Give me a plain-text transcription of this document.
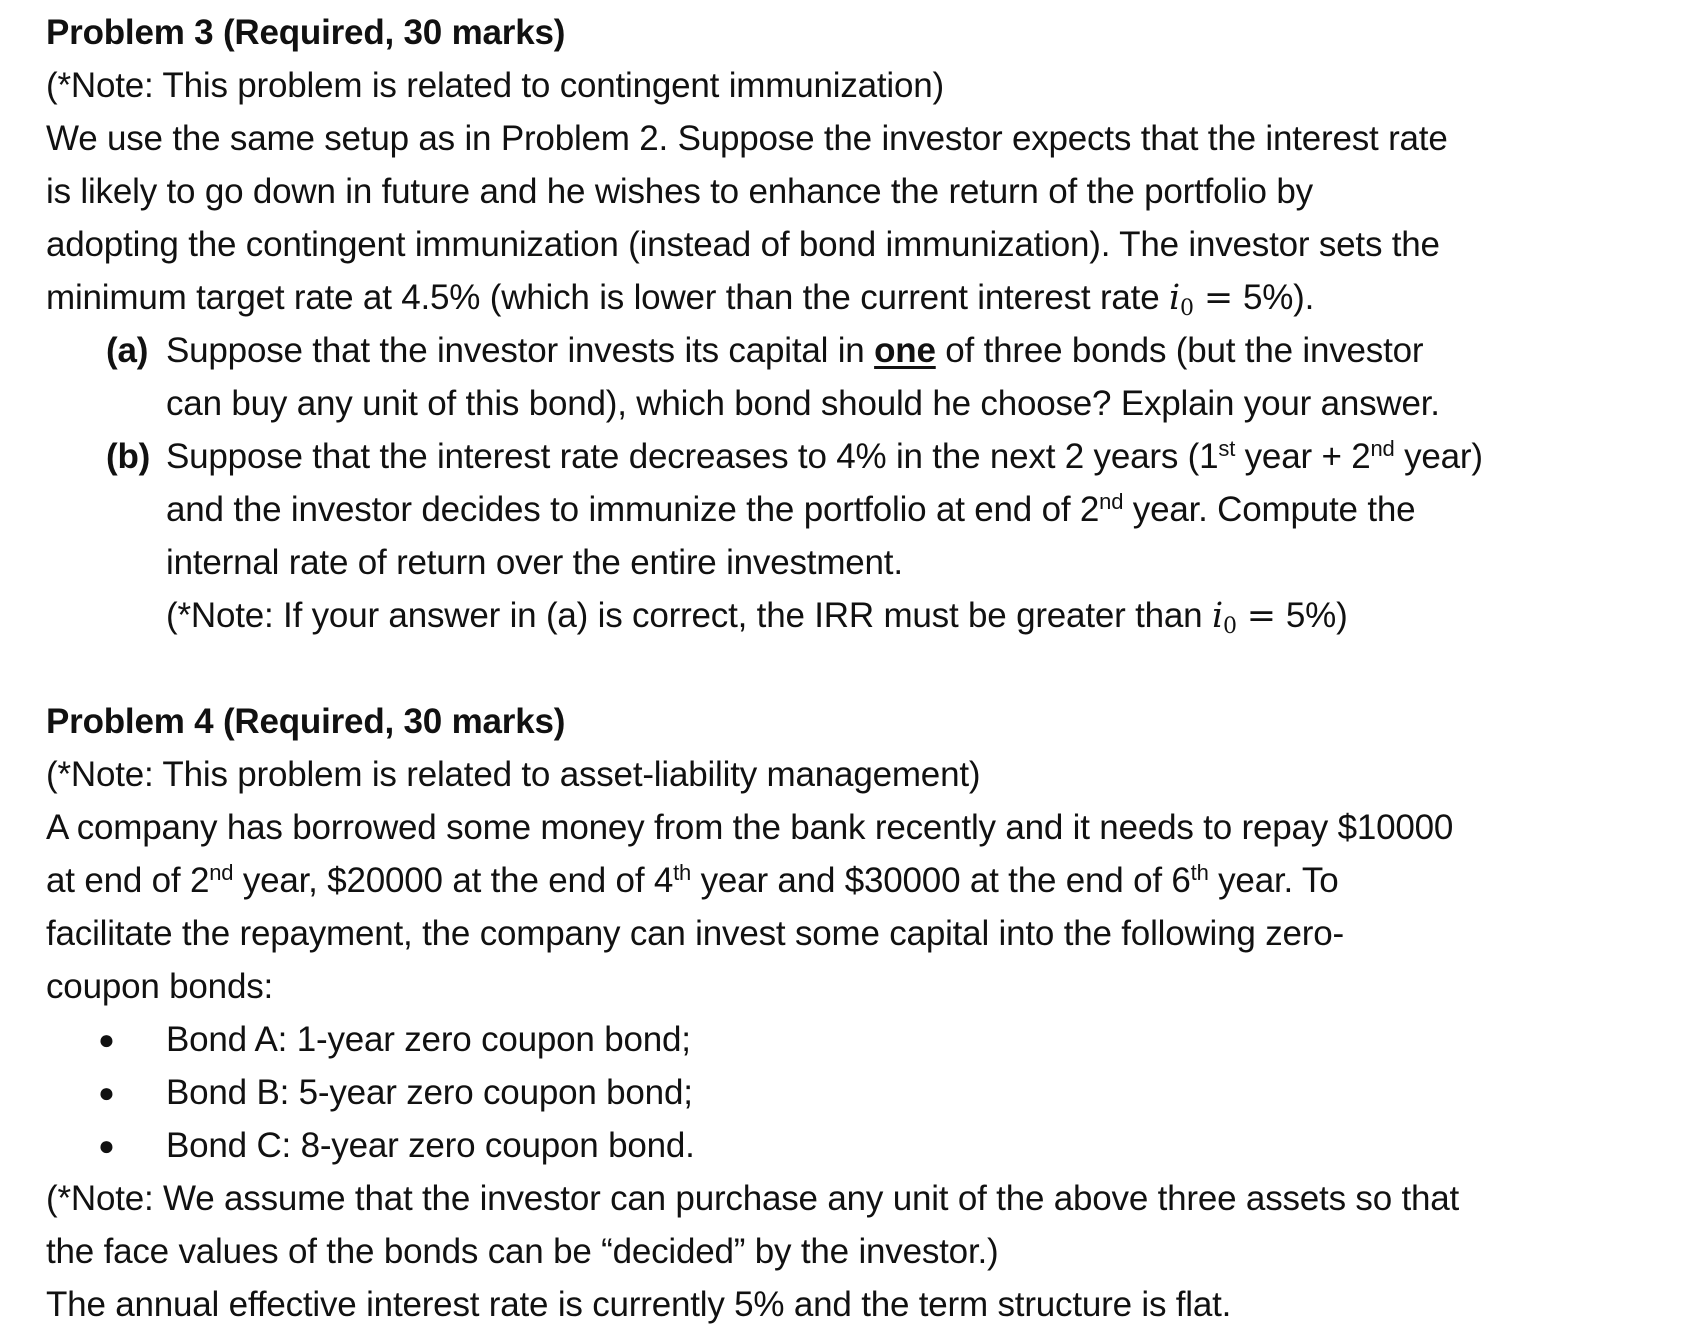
Problem 3 (Required, 30 marks)
(*Note: This problem is related to contingent immunization)
We use the same setup as in Problem 2. Suppose the investor expects that the interest rate
is likely to go down in future and he wishes to enhance the return of the portfolio by
adopting the contingent immunization (instead of bond immunization). The investor sets the
minimum target rate at 4.5% (which is lower than the current interest rate $i_0 = 5\%$).
(a) Suppose that the investor invests its capital in one of three bonds (but the investor
can buy any unit of this bond), which bond should he choose? Explain your answer.
(b) Suppose that the interest rate decreases to 4% in the next 2 years (1st year + 2nd year)
and the investor decides to immunize the portfolio at end of 2nd year. Compute the
internal rate of return over the entire investment.
(*Note: If your answer in (a) is correct, the IRR must be greater than $i_0 = 5\%$)
Problem 4 (Required, 30 marks)
(*Note: This problem is related to asset-liability management)
A company has borrowed some money from the bank recently and it needs to repay $10000
at end of 2nd year, $20000 at the end of 4th year and $30000 at the end of 6th year. To
facilitate the repayment, the company can invest some capital into the following zero-
coupon bonds:
●	Bond A: 1-year zero coupon bond;
●	Bond B: 5-year zero coupon bond;
●	Bond C: 8-year zero coupon bond.
(*Note: We assume that the investor can purchase any unit of the above three assets so that
the face values of the bonds can be “decided” by the investor.)
The annual effective interest rate is currently 5% and the term structure is flat.
